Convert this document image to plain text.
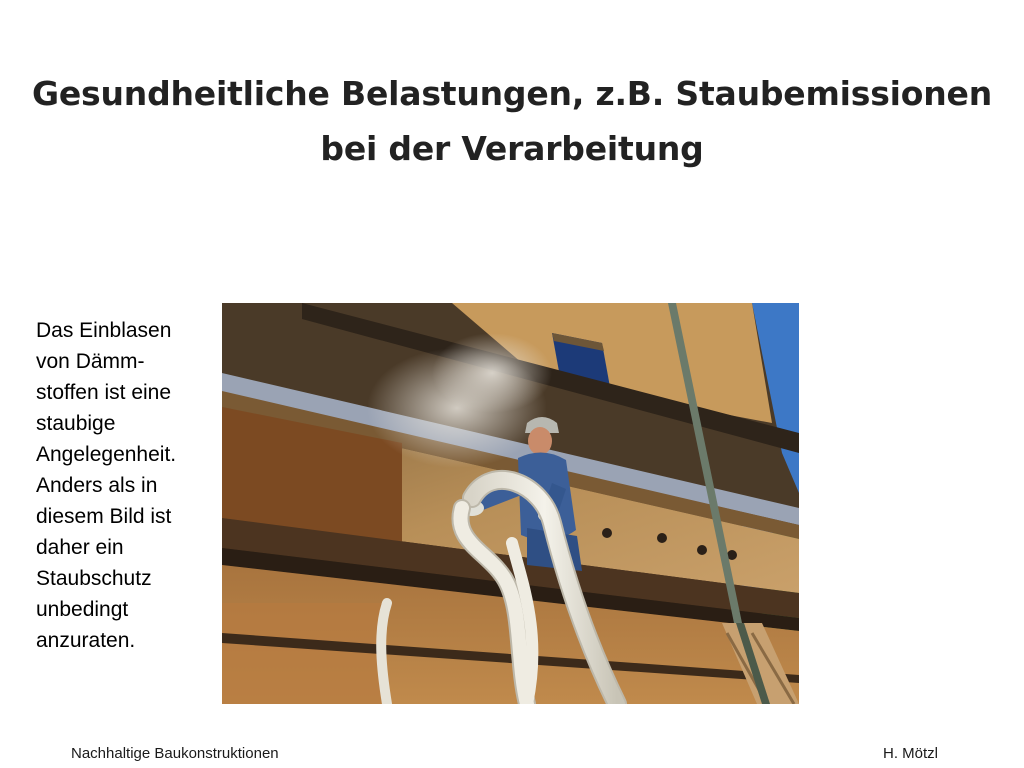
Gesundheitliche Belastungen, z.B. Staubemissionen
bei der Verarbeitung
Das Einblasen
von Dämm-
stoffen ist eine
staubige
Angelegenheit.
Anders als in
diesem Bild ist
daher ein
Staubschutz
unbedingt
anzuraten.
Nachhaltige Baukonstruktionen	H. Mötzl
